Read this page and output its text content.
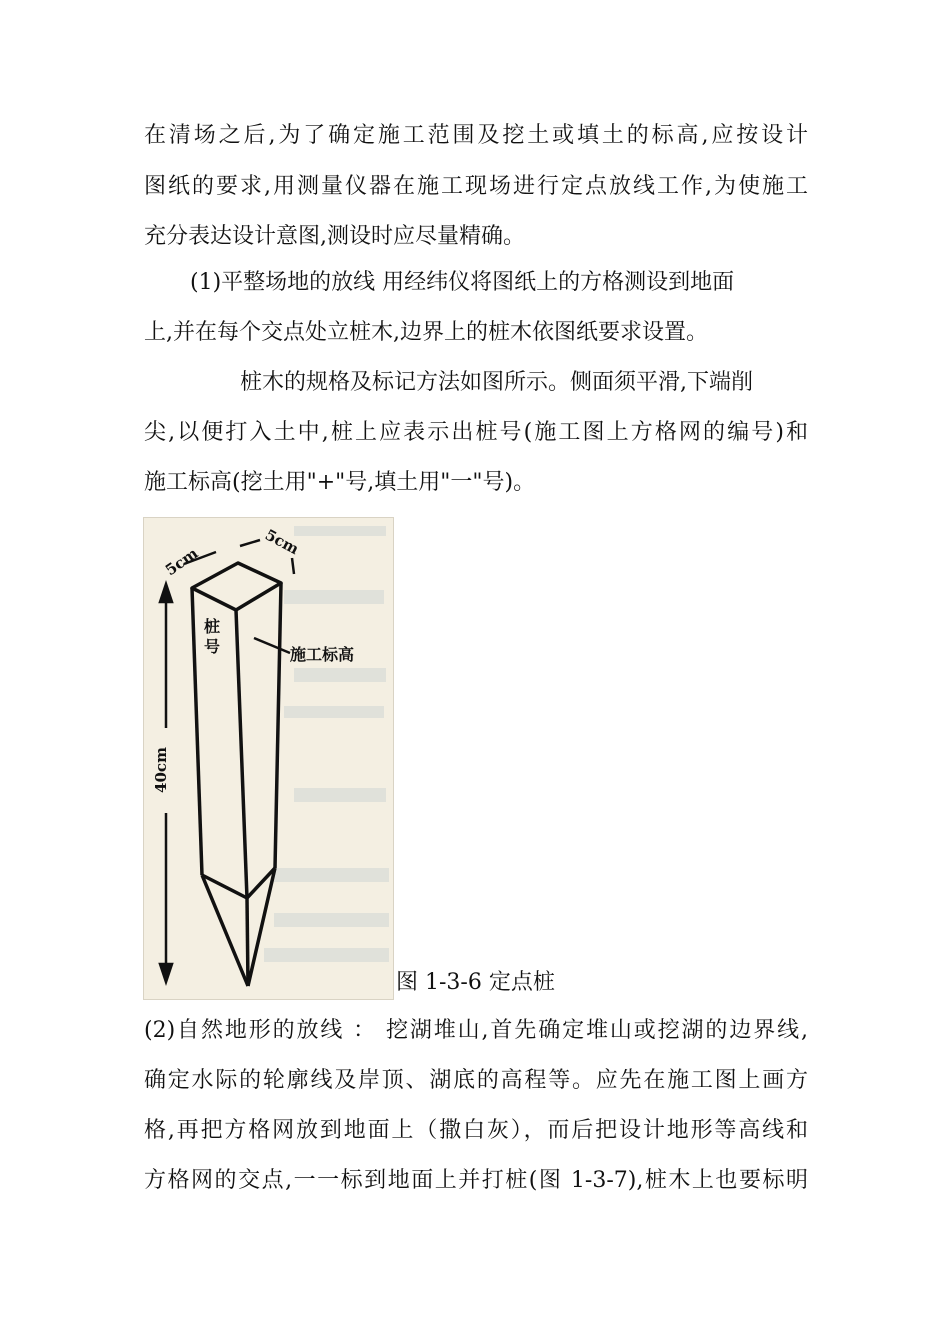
在清场之后,为了确定施工范围及挖土或填土的标高,应按设计
图纸的要求,用测量仪器在施工现场进行定点放线工作,为使施工
充分表达设计意图,测设时应尽量精确。
(1)平整场地的放线 用经纬仪将图纸上的方格测设到地面
上,并在每个交点处立桩木,边界上的桩木依图纸要求设置。
桩木的规格及标记方法如图所示。侧面须平滑,下端削
尖,以便打入土中,桩上应表示出桩号(施工图上方格网的编号)和
施工标高(挖土用"+"号,填土用"一"号)。
5cm
5cm
桩
号	施工标高
40cm
图 1-3-6 定点桩
(2)自然地形的放线 ： 挖湖堆山,首先确定堆山或挖湖的边界线,
确定水际的轮廓线及岸顶、湖底的高程等。应先在施工图上画方
格,再把方格网放到地面上（撒白灰），而后把设计地形等高线和
方格网的交点,一一标到地面上并打桩(图 1-3-7),桩木上也要标明
